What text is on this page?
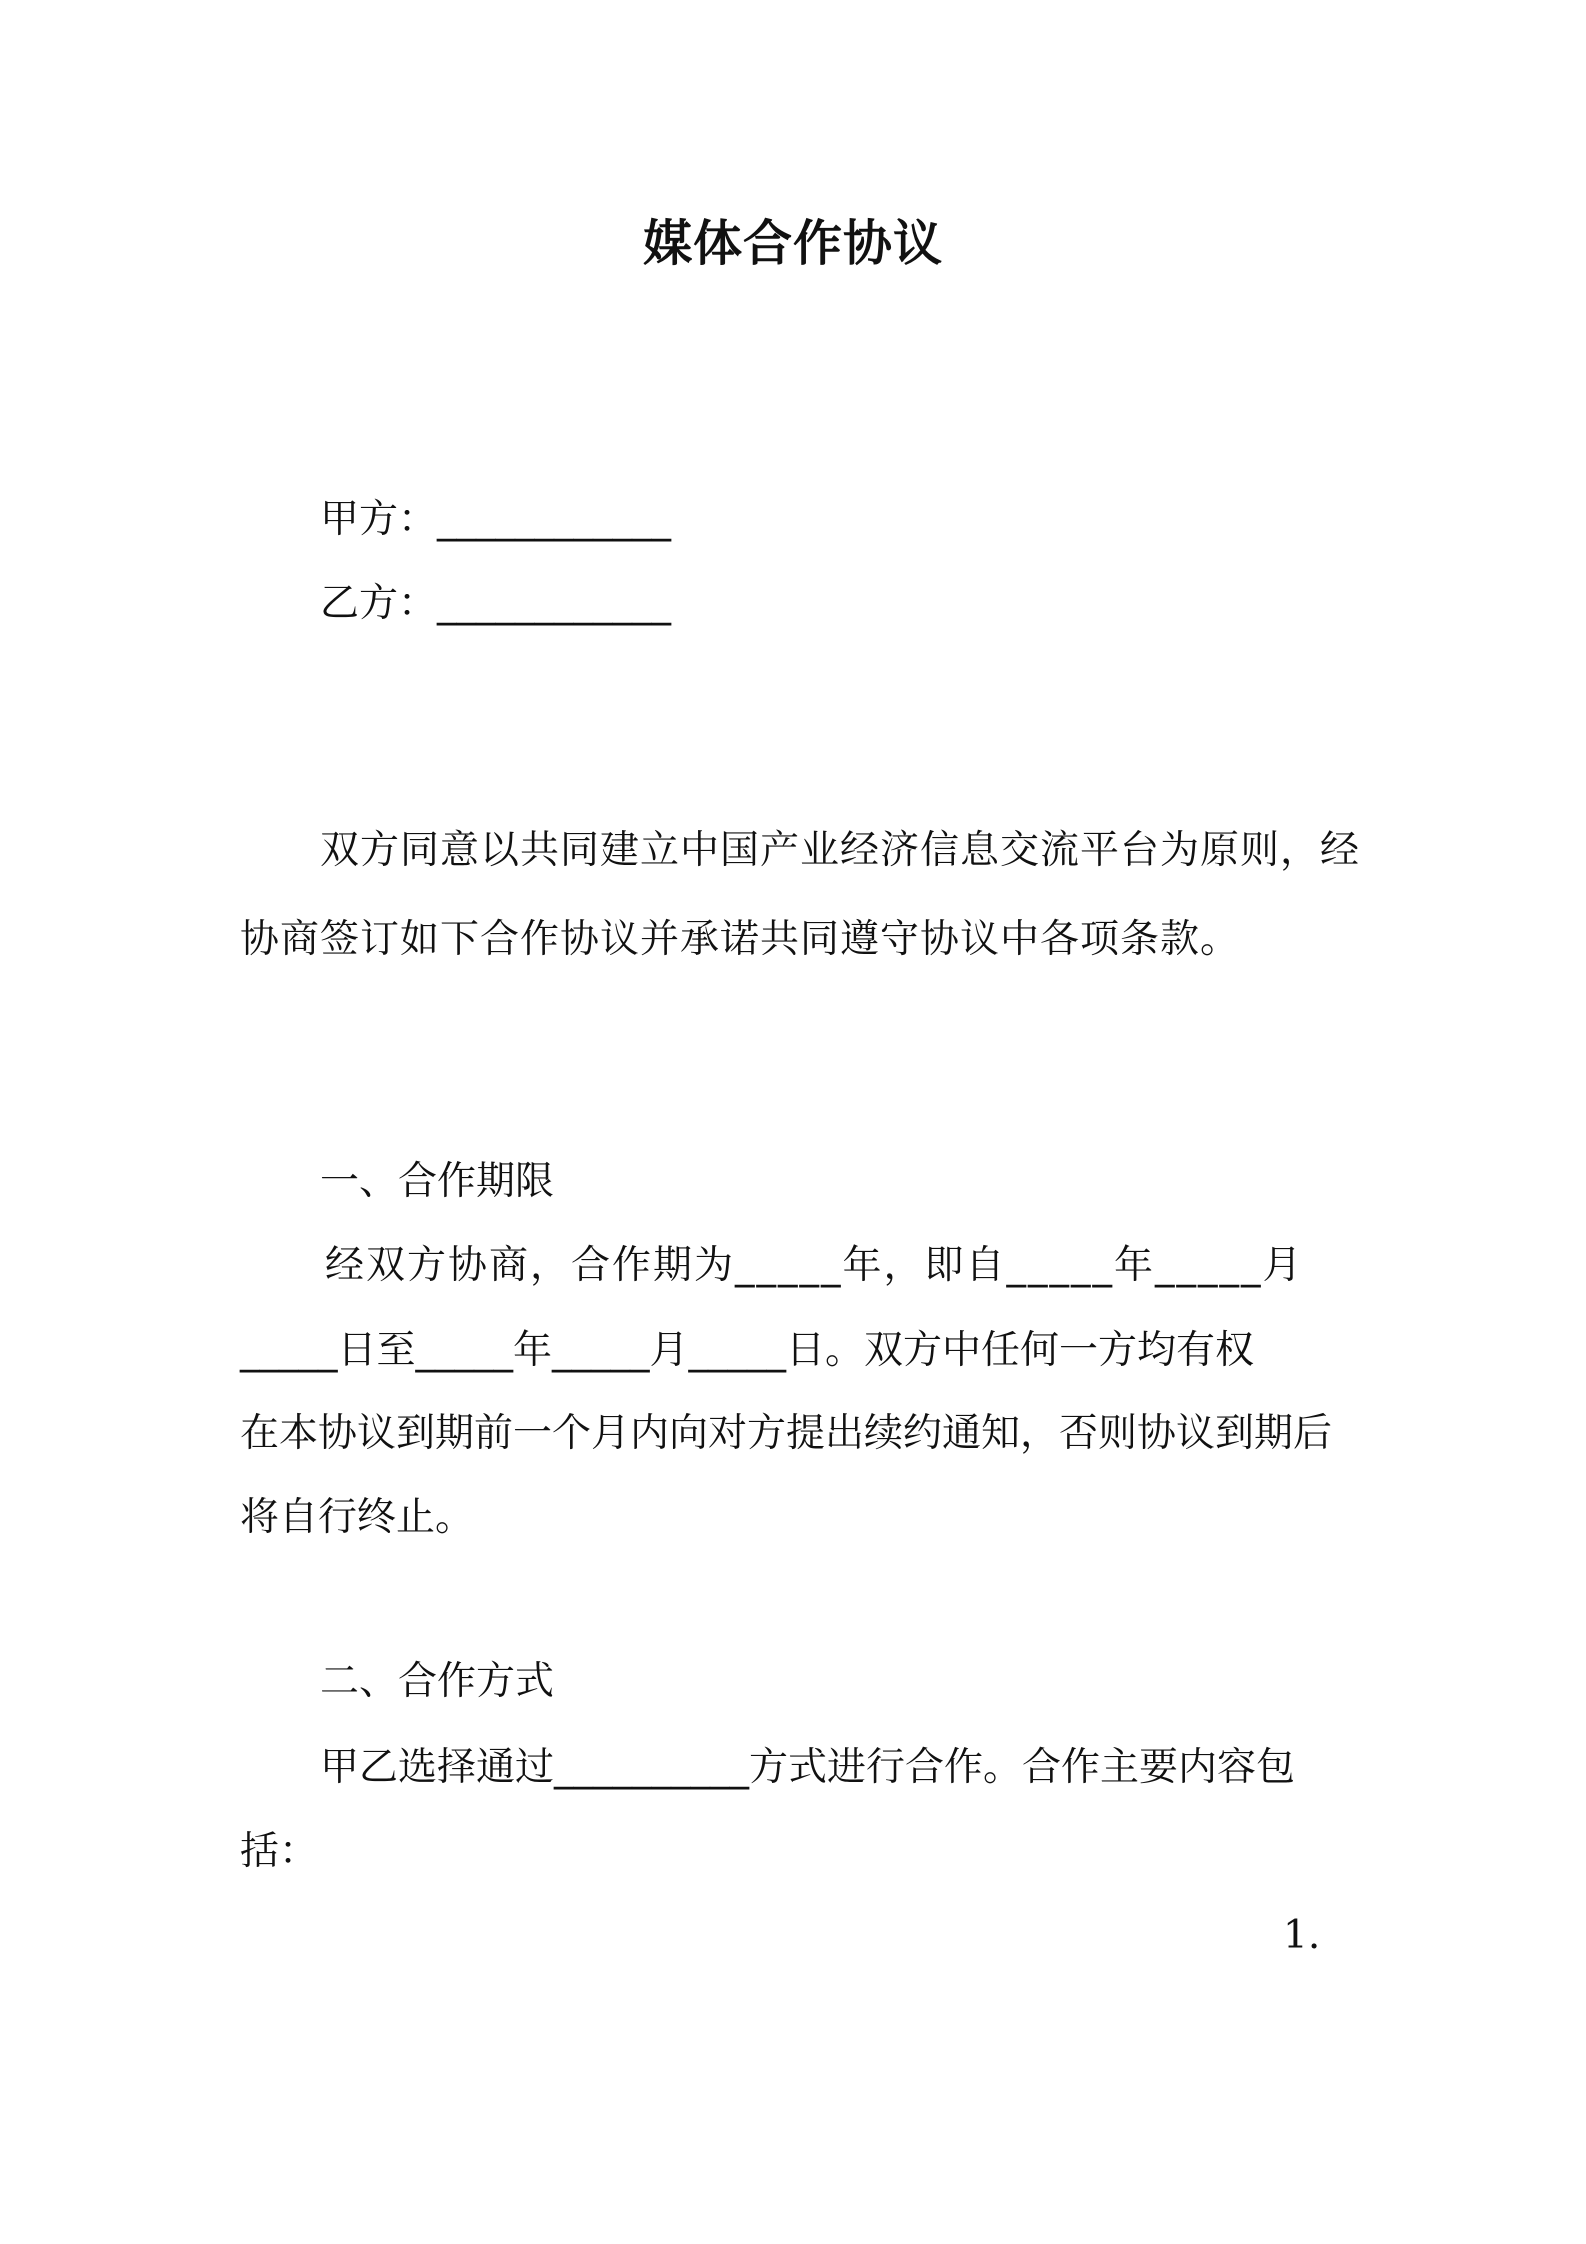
媒体合作协议
甲方：____________
乙方：____________
双方同意以共同建立中国产业经济信息交流平台为原则，经
协商签订如下合作协议并承诺共同遵守协议中各项条款。
一、合作期限
经双方协商，合作期为_____年，即自_____年_____月
_____日至_____年_____月_____日。双方中任何一方均有权
在本协议到期前一个月内向对方提出续约通知，否则协议到期后
将自行终止。
二、合作方式
甲乙选择通过__________方式进行合作。合作主要内容包
括：
1.
